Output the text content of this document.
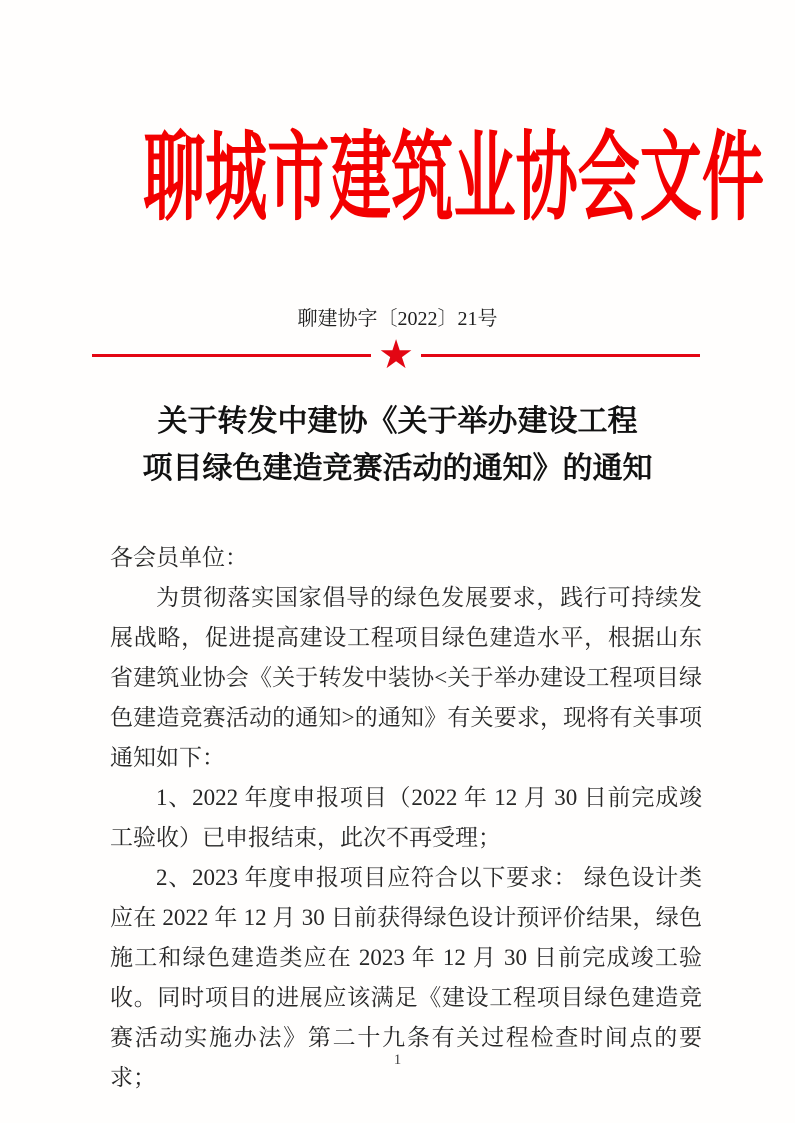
聊城市建筑业协会文件
聊建协字〔2022〕21号
★
关于转发中建协《关于举办建设工程
项目绿色建造竞赛活动的通知》的通知

各会员单位：

为贯彻落实国家倡导的绿色发展要求，践行可持续发展战略，促进提高建设工程项目绿色建造水平，根据山东省建筑业协会《关于转发中装协<关于举办建设工程项目绿色建造竞赛活动的通知>的通知》有关要求，现将有关事项通知如下：

1、2022 年度申报项目（2022 年 12 月 30 日前完成竣工验收）已申报结束，此次不再受理；

2、2023 年度申报项目应符合以下要求： 绿色设计类应在 2022 年 12 月 30 日前获得绿色设计预评价结果，绿色施工和绿色建造类应在 2023 年 12 月 30 日前完成竣工验收。同时项目的进展应该满足《建设工程项目绿色建造竞赛活动实施办法》第二十九条有关过程检查时间点的要求；

1
